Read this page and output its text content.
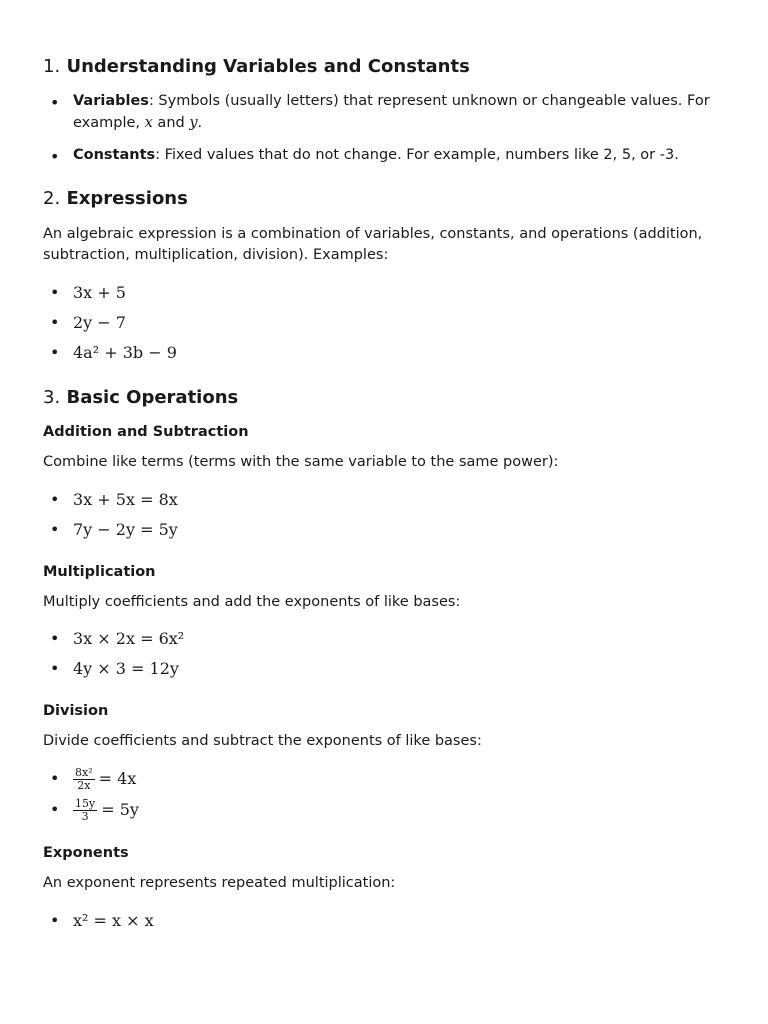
1. Understanding Variables and Constants
• Variables: Symbols (usually letters) that represent unknown or changeable values. For example, x and y.
• Constants: Fixed values that do not change. For example, numbers like 2, 5, or -3.
2. Expressions

An algebraic expression is a combination of variables, constants, and operations (addition, subtraction, multiplication, division). Examples:

• 3x + 5
• 2y − 7
• 4a² + 3b − 9
3. Basic Operations
Addition and Subtraction

Combine like terms (terms with the same variable to the same power):

• 3x + 5x = 8x
• 7y − 2y = 5y
Multiplication

Multiply coefficients and add the exponents of like bases:

• 3x × 2x = 6x²
• 4y × 3 = 12y
Division

Divide coefficients and subtract the exponents of like bases:

• $\frac{\text{8x²}}{2x} = 4x$
• $\frac{15y}{3} = 5y$
Exponents

An exponent represents repeated multiplication:

• x² = x × x
